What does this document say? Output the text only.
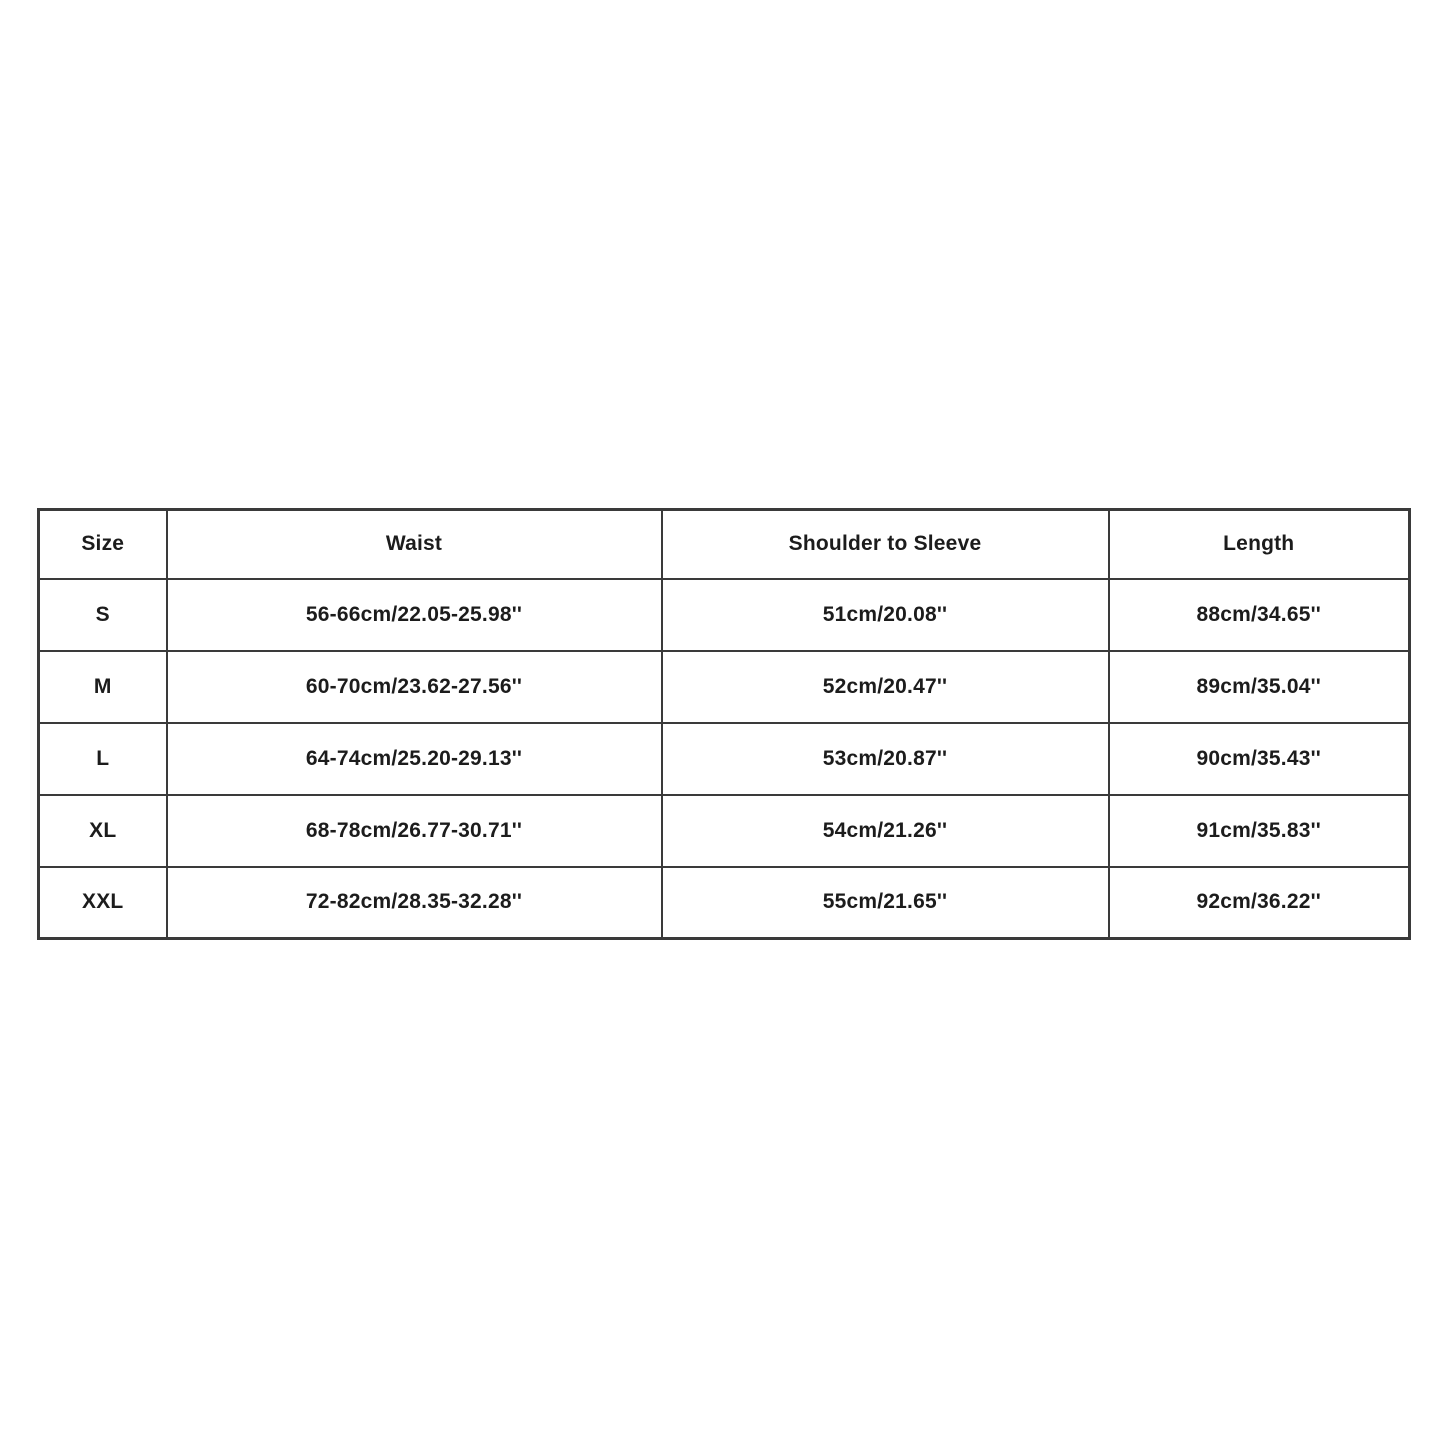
Size	Waist	Shoulder to Sleeve	Length
S	56-66cm/22.05-25.98''	51cm/20.08''	88cm/34.65''
M	60-70cm/23.62-27.56''	52cm/20.47''	89cm/35.04''
L	64-74cm/25.20-29.13''	53cm/20.87''	90cm/35.43''
XL	68-78cm/26.77-30.71''	54cm/21.26''	91cm/35.83''
XXL	72-82cm/28.35-32.28''	55cm/21.65''	92cm/36.22''
